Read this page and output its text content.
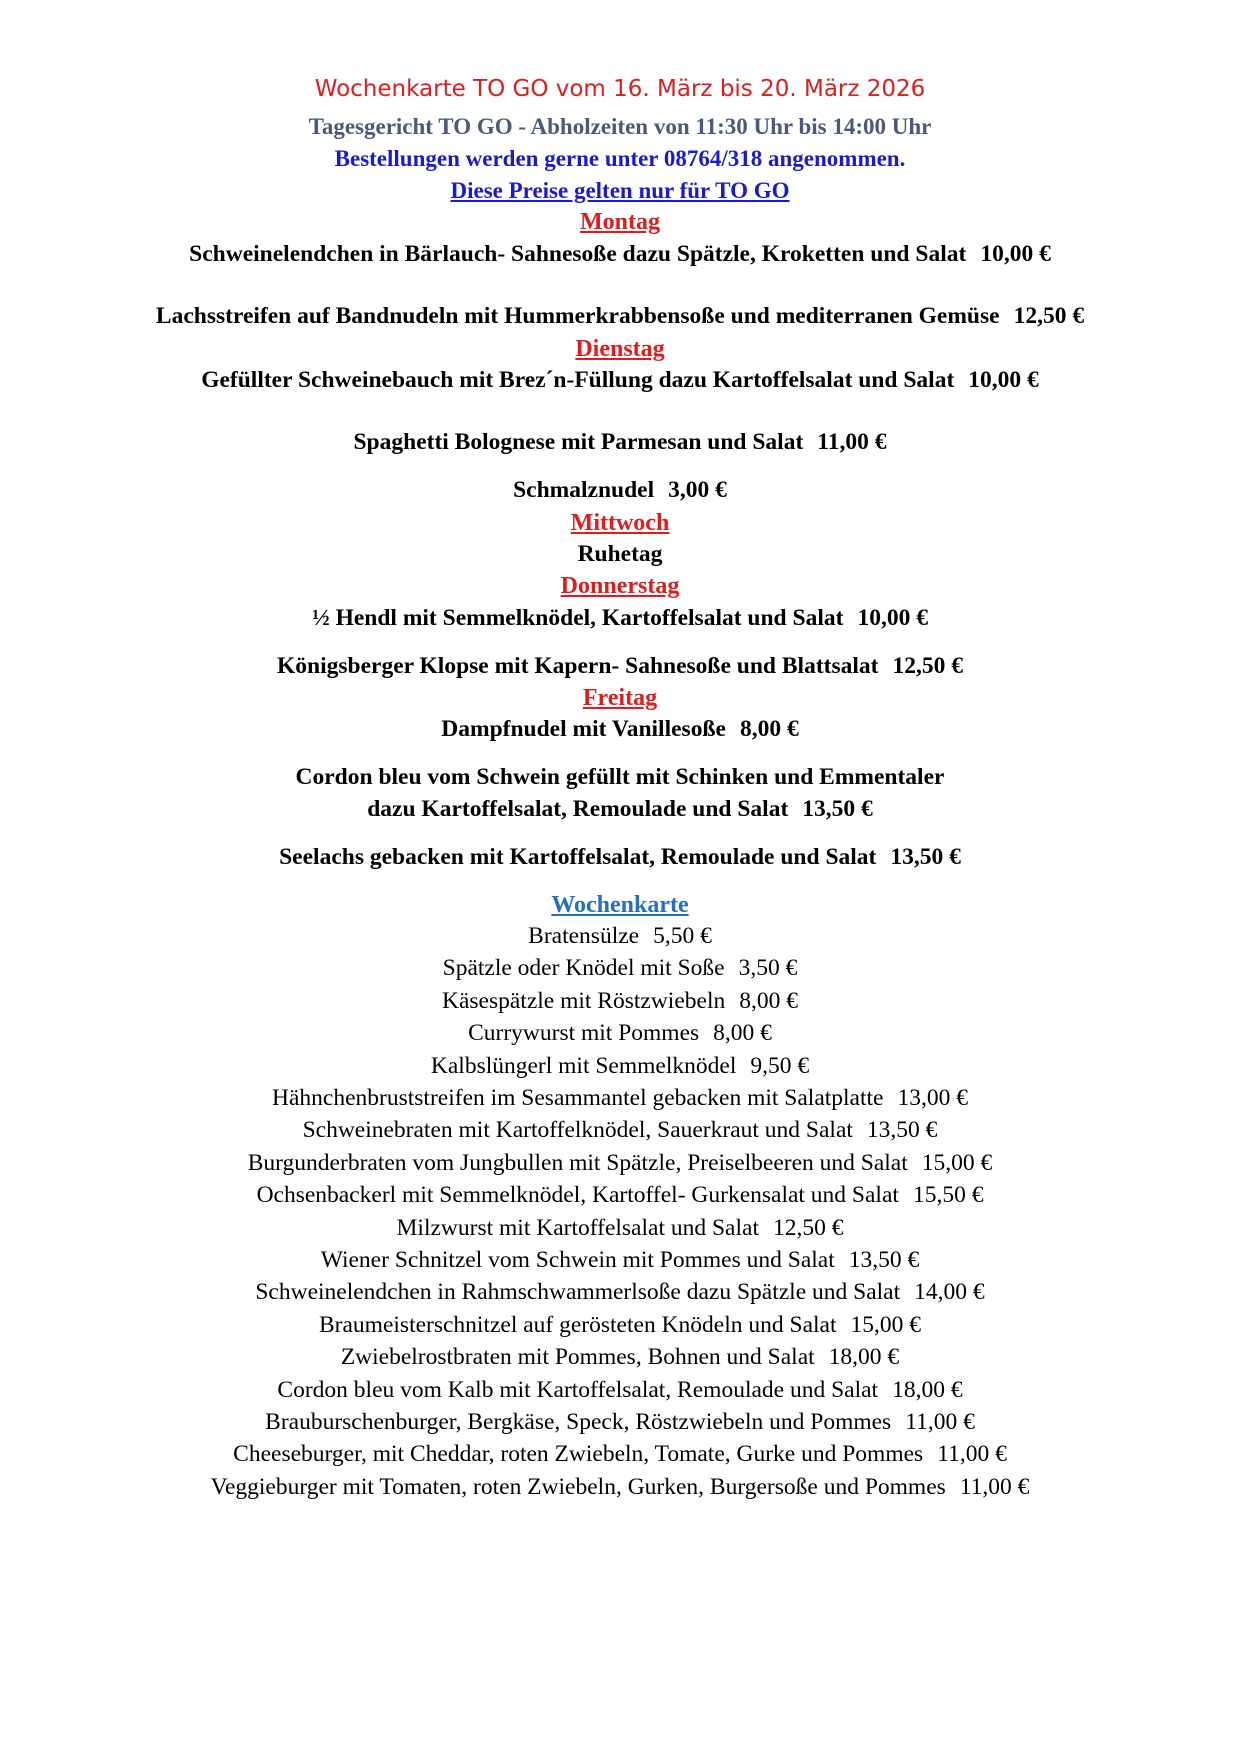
Wochenkarte TO GO vom 16. März bis 20. März 2026
Tagesgericht TO GO - Abholzeiten von 11:30 Uhr bis 14:00 Uhr
Bestellungen werden gerne unter 08764/318 angenommen.
Diese Preise gelten nur für TO GO
Montag
Schweinelendchen in Bärlauch- Sahnesoße dazu Spätzle, Kroketten und Salat 10,00 €
Lachsstreifen auf Bandnudeln mit Hummerkrabbensoße und mediterranen Gemüse 12,50 €
Dienstag
Gefüllter Schweinebauch mit Brez´n-Füllung dazu Kartoffelsalat und Salat 10,00 €
Spaghetti Bolognese mit Parmesan und Salat 11,00 €
Schmalznudel 3,00 €
Mittwoch
Ruhetag
Donnerstag
½ Hendl mit Semmelknödel, Kartoffelsalat und Salat 10,00 €
Königsberger Klopse mit Kapern- Sahnesoße und Blattsalat 12,50 €
Freitag
Dampfnudel mit Vanillesoße 8,00 €
Cordon bleu vom Schwein gefüllt mit Schinken und Emmentaler
dazu Kartoffelsalat, Remoulade und Salat 13,50 €
Seelachs gebacken mit Kartoffelsalat, Remoulade und Salat 13,50 €
Wochenkarte
Bratensülze 5,50 €
Spätzle oder Knödel mit Soße 3,50 €
Käsespätzle mit Röstzwiebeln 8,00 €
Currywurst mit Pommes 8,00 €
Kalbslüngerl mit Semmelknödel 9,50 €
Hähnchenbruststreifen im Sesammantel gebacken mit Salatplatte 13,00 €
Schweinebraten mit Kartoffelknödel, Sauerkraut und Salat 13,50 €
Burgunderbraten vom Jungbullen mit Spätzle, Preiselbeeren und Salat 15,00 €
Ochsenbackerl mit Semmelknödel, Kartoffel- Gurkensalat und Salat 15,50 €
Milzwurst mit Kartoffelsalat und Salat 12,50 €
Wiener Schnitzel vom Schwein mit Pommes und Salat 13,50 €
Schweinelendchen in Rahmschwammerlsoße dazu Spätzle und Salat 14,00 €
Braumeisterschnitzel auf gerösteten Knödeln und Salat 15,00 €
Zwiebelrostbraten mit Pommes, Bohnen und Salat 18,00 €
Cordon bleu vom Kalb mit Kartoffelsalat, Remoulade und Salat 18,00 €
Brauburschenburger, Bergkäse, Speck, Röstzwiebeln und Pommes 11,00 €
Cheeseburger, mit Cheddar, roten Zwiebeln, Tomate, Gurke und Pommes 11,00 €
Veggieburger mit Tomaten, roten Zwiebeln, Gurken, Burgersoße und Pommes 11,00 €
